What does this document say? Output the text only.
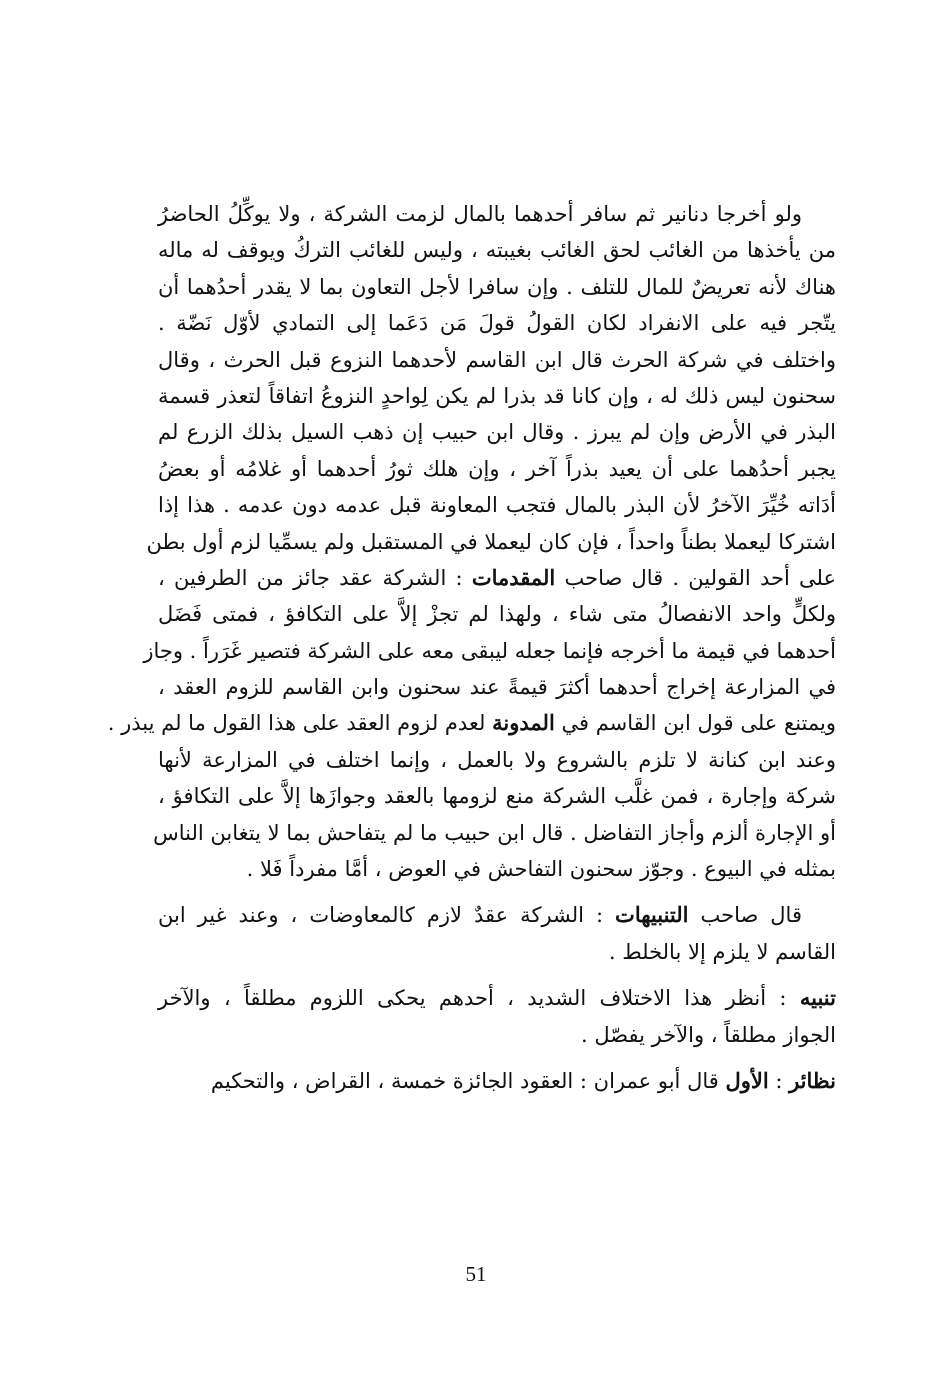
ولو أخرجا دنانير ثم سافر أحدهما بالمال لزمت الشركة ، ولا يوكِّلُ الحاضرُ
من يأخذها من الغائب لحق الغائب بغيبته ، وليس للغائب التركُ ويوقف له ماله
هناك لأنه تعريضٌ للمال للتلف . وإن سافرا لأجل التعاون بما لا يقدر أحدُهما أن
يتّجر فيه على الانفراد لكان القولُ قولَ مَن دَعَما إلى التمادي لأوّل نَضّة .
واختلف في شركة الحرث قال ابن القاسم لأحدهما النزوع قبل الحرث ، وقال
سحنون ليس ذلك له ، وإن كانا قد بذرا لم يكن لِواحدٍ النزوعُ اتفاقاً لتعذر قسمة
البذر في الأرض وإن لم يبرز . وقال ابن حبيب إن ذهب السيل بذلك الزرع لم
يجبر أحدُهما على أن يعيد بذراً آخر ، وإن هلك ثورُ أحدهما أو غلامُه أو بعضُ
أدَاته خُيِّرَ الآخرُ لأن البذر بالمال فتجب المعاونة قبل عدمه دون عدمه . هذا إذا
اشتركا ليعملا بطناً واحداً ، فإن كان ليعملا في المستقبل ولم يسمِّيا لزم أول بطن
على أحد القولين . قال صاحب المقدمات : الشركة عقد جائز من الطرفين ،
ولكلٍّ واحد الانفصالُ متى شاء ، ولهذا لم تجزْ إلاَّ على التكافؤ ، فمتى فَضَل
أحدهما في قيمة ما أخرجه فإنما جعله ليبقى معه على الشركة فتصير غَرَراً . وجاز
في المزارعة إخراج أحدهما أكثرَ قيمةً عند سحنون وابن القاسم للزوم العقد ،
ويمتنع على قول ابن القاسم في المدونة لعدم لزوم العقد على هذا القول ما لم يبذر .
وعند ابن كنانة لا تلزم بالشروع ولا بالعمل ، وإنما اختلف في المزارعة لأنها
شركة وإجارة ، فمن غلَّب الشركة منع لزومها بالعقد وجوازَها إلاَّ على التكافؤ ،
أو الإجارة ألزم وأجاز التفاضل . قال ابن حبيب ما لم يتفاحش بما لا يتغابن الناس
بمثله في البيوع . وجوّز سحنون التفاحش في العوض ، أمَّا مفرداً فَلا .
قال صاحب التنبيهات : الشركة عقدٌ لازم كالمعاوضات ، وعند غير ابن
القاسم لا يلزم إلا بالخلط .
تنبيه : أنظر هذا الاختلاف الشديد ، أحدهم يحكى اللزوم مطلقاً ، والآخر
الجواز مطلقاً ، والآخر يفصّل .
نظائر : الأول قال أبو عمران : العقود الجائزة خمسة ، القراض ، والتحكيم
51
